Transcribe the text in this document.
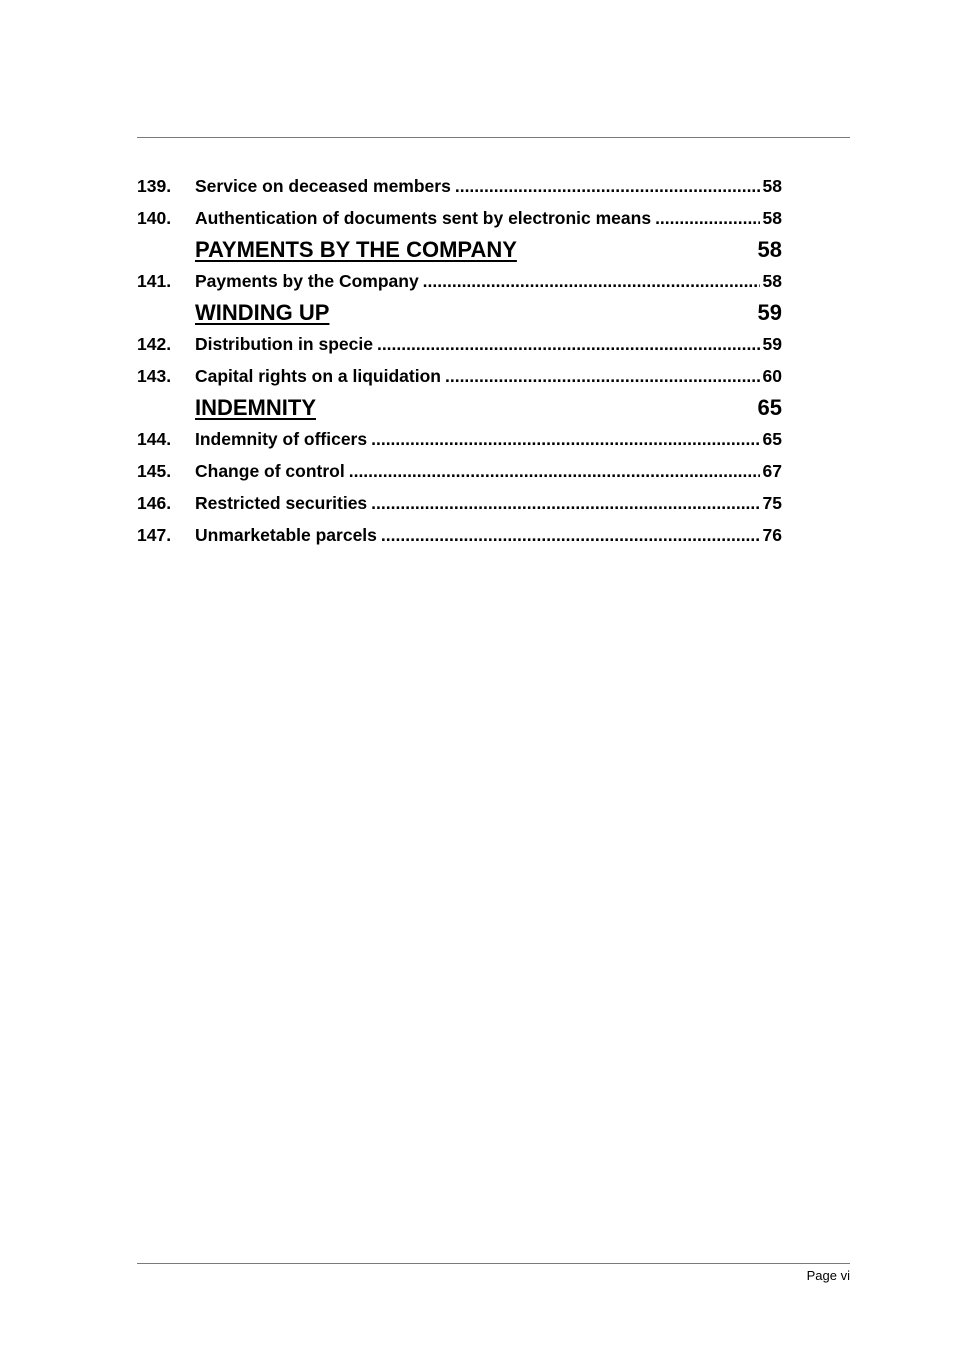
139.	Service on deceased members .....	58
140.	Authentication of documents sent by electronic means .....	58
PAYMENTS BY THE COMPANY	58
141.	Payments by the Company .....	58
WINDING UP	59
142.	Distribution in specie .....	59
143.	Capital rights on a liquidation .....	60
INDEMNITY	65
144.	Indemnity of officers .....	65
145.	Change of control .....	67
146.	Restricted securities .....	75
147.	Unmarketable parcels .....	76
Page vi
